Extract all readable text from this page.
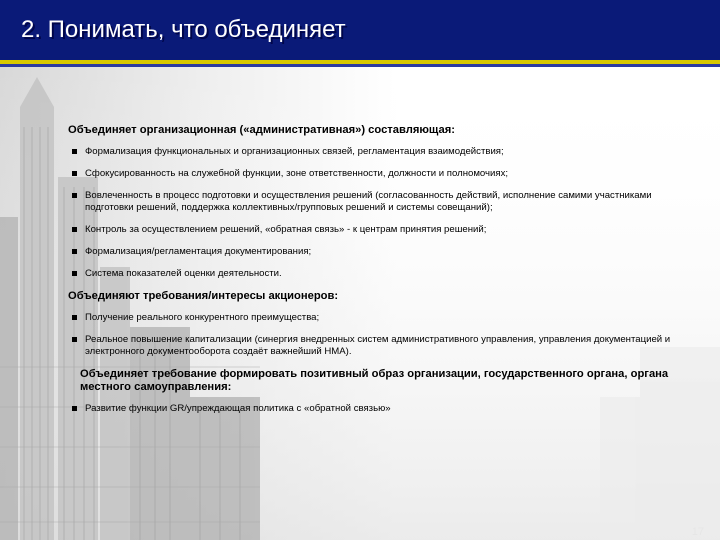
2. Понимать, что объединяет
Объединяет организационная («административная») составляющая:
Формализация функциональных и организационных связей, регламентация взаимодействия;
Сфокусированность на служебной функции, зоне ответственности, должности и полномочиях;
Вовлеченность в процесс подготовки и осуществления решений (согласованность действий, исполнение самими участниками подготовки решений, поддержка коллективных/групповых решений и системы совещаний);
Контроль за осуществлением решений, «обратная связь» - к центрам принятия решений;
Формализация/регламентация документирования;
Система показателей оценки деятельности.
Объединяют требования/интересы акционеров:
Получение реального конкурентного преимущества;
Реальное повышение капитализации (синергия внедренных систем административного управления, управления документацией и электронного документооборота создаёт важнейший НМА).
Объединяет требование формировать позитивный образ организации, государственного органа, органа местного самоуправления:
Развитие функции GR/упреждающая политика с «обратной связью»
17
